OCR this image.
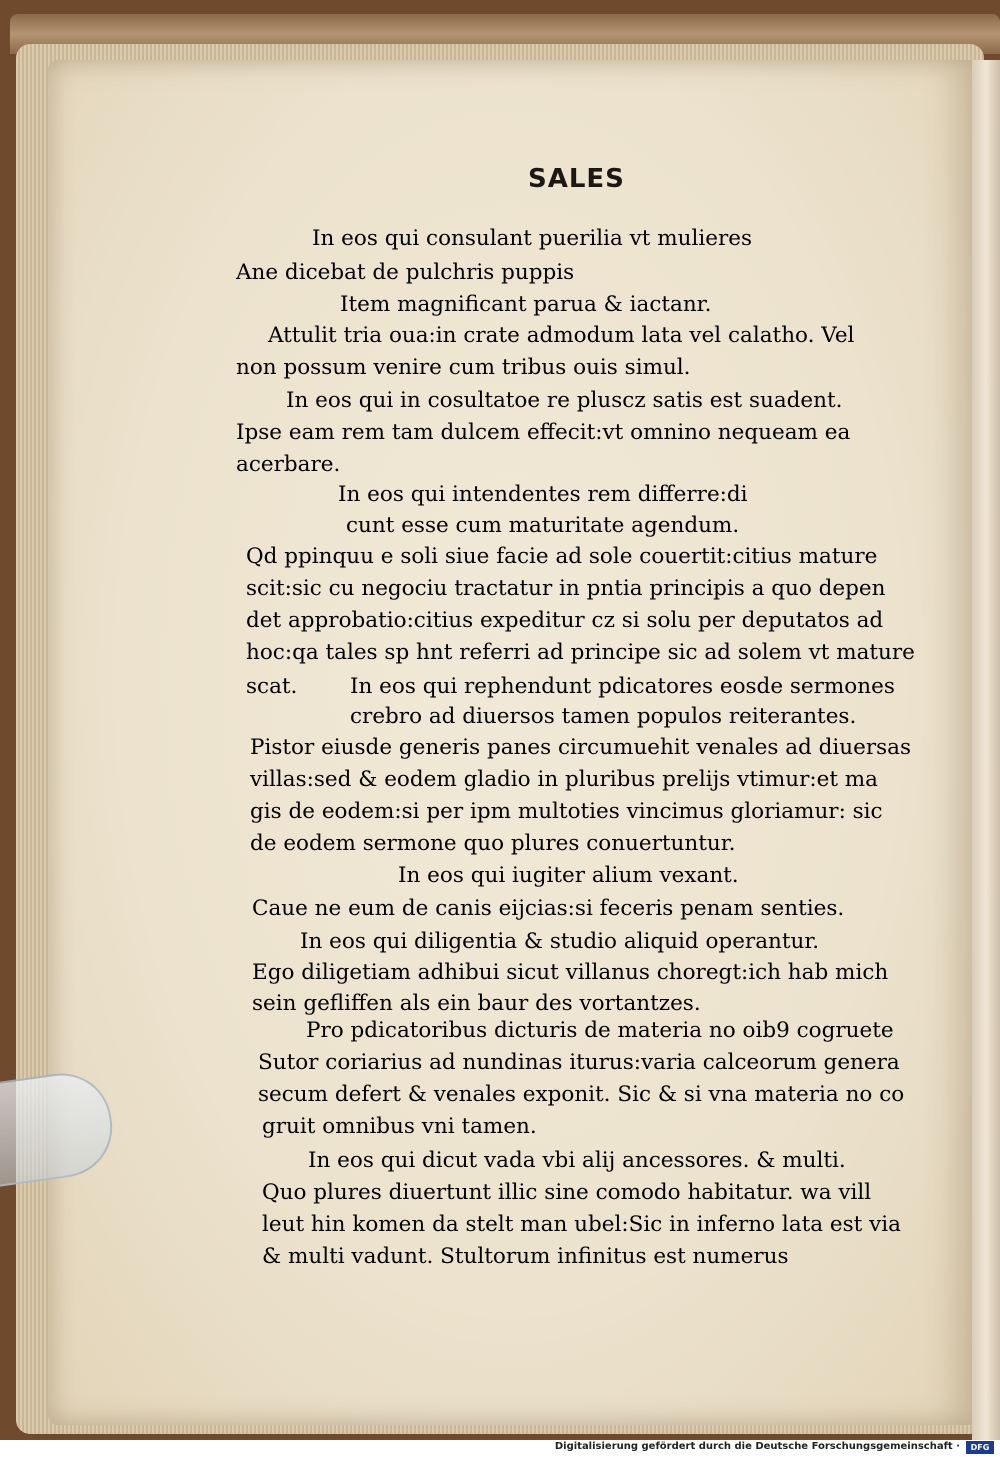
SALES
In eos qui consulant puerilia vt mulieres
Ane dicebat de pulchris puppis
Item magnificant parua & iactanr.
Attulit tria oua:in crate admodum lata vel calatho. Vel
non possum venire cum tribus ouis simul.
In eos qui in cosultatoe re pluscz satis est suadent.
Ipse eam rem tam dulcem effecit:vt omnino nequeam ea
acerbare.
In eos qui intendentes rem differre:di
cunt esse cum maturitate agendum.
Qd ppinquu e soli siue facie ad sole couertit:citius mature
scit:sic cu negociu tractatur in pntia principis a quo depen
det approbatio:citius expeditur cz si solu per deputatos ad
hoc:qa tales sp hnt referri ad principe sic ad solem vt mature
scat. In eos qui rephendunt pdicatores eosde sermones
crebro ad diuersos tamen populos reiterantes.
Pistor eiusde generis panes circumuehit venales ad diuersas
villas:sed & eodem gladio in pluribus prelijs vtimur:et ma
gis de eodem:si per ipm multoties vincimus gloriamur: sic
de eodem sermone quo plures conuertuntur.
In eos qui iugiter alium vexant.
Caue ne eum de canis eijcias:si feceris penam senties.
In eos qui diligentia & studio aliquid operantur.
Ego diligetiam adhibui sicut villanus choregt:ich hab mich
sein gefliffen als ein baur des vortantzes.
Pro pdicatoribus dicturis de materia no oib9 cogruete
Sutor coriarius ad nundinas iturus:varia calceorum genera
secum defert & venales exponit. Sic & si vna materia no co
gruit omnibus vni tamen.
In eos qui dicut vada vbi alij ancessores. & multi.
Quo plures diuertunt illic sine comodo habitatur. wa vill
leut hin komen da stelt man ubel:Sic in inferno lata est via
& multi vadunt. Stultorum infinitus est numerus
Digitalisierung gefördert durch die Deutsche Forschungsgemeinschaft ·	DFG
